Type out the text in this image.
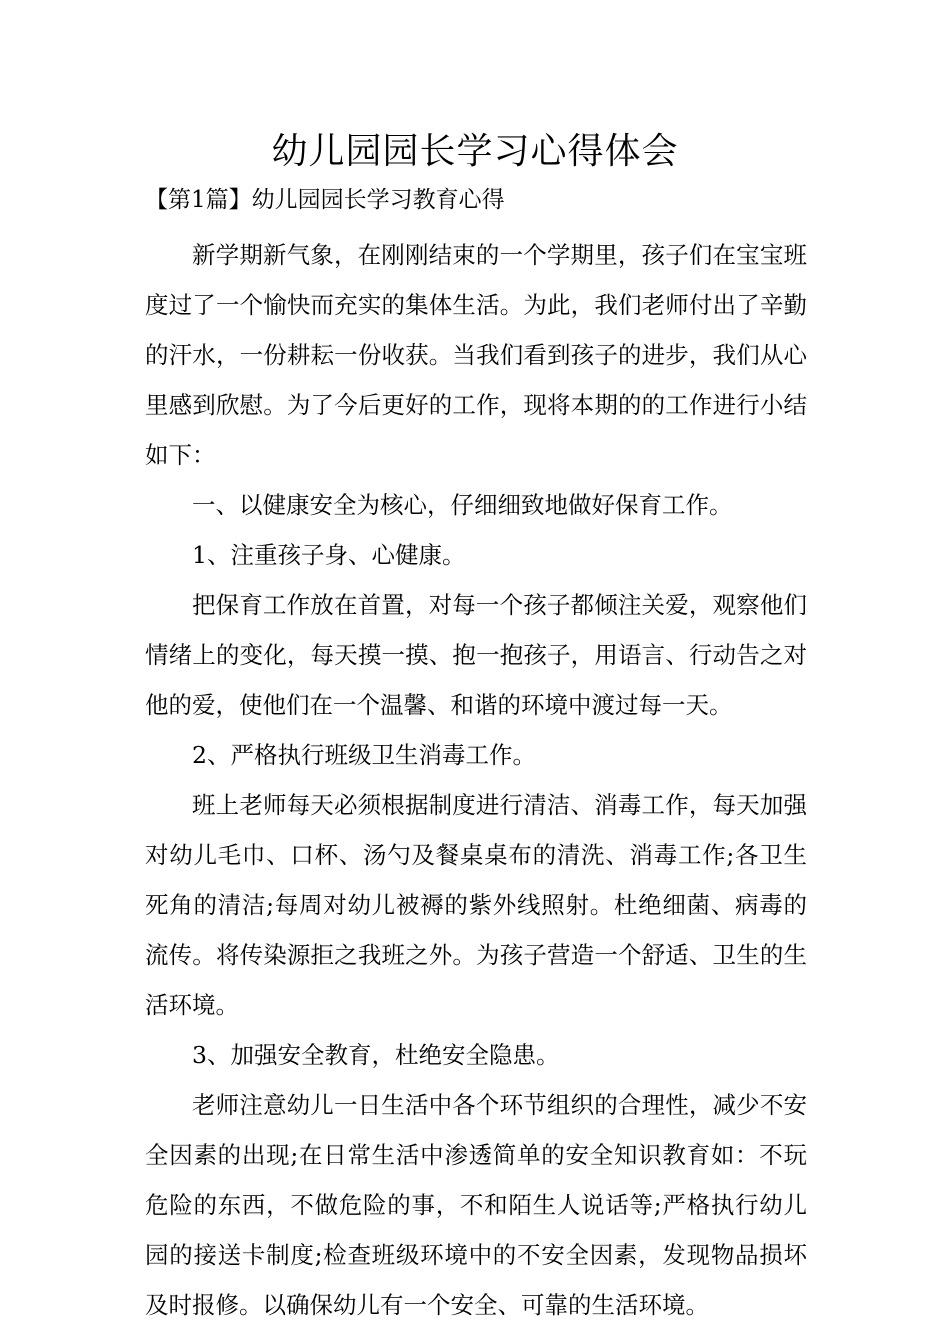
幼儿园园长学习心得体会
【第1篇】幼儿园园长学习教育心得

新学期新气象，在刚刚结束的一个学期里，孩子们在宝宝班度过了一个愉快而充实的集体生活。为此，我们老师付出了辛勤的汗水，一份耕耘一份收获。当我们看到孩子的进步，我们从心里感到欣慰。为了今后更好的工作，现将本期的的工作进行小结如下：

一、以健康安全为核心，仔细细致地做好保育工作。

1、注重孩子身、心健康。

把保育工作放在首置，对每一个孩子都倾注关爱，观察他们情绪上的变化，每天摸一摸、抱一抱孩子，用语言、行动告之对他的爱，使他们在一个温馨、和谐的环境中渡过每一天。

2、严格执行班级卫生消毒工作。

班上老师每天必须根据制度进行清洁、消毒工作，每天加强对幼儿毛巾、口杯、汤勺及餐桌桌布的清洗、消毒工作;各卫生死角的清洁;每周对幼儿被褥的紫外线照射。杜绝细菌、病毒的流传。将传染源拒之我班之外。为孩子营造一个舒适、卫生的生活环境。

3、加强安全教育，杜绝安全隐患。

老师注意幼儿一日生活中各个环节组织的合理性，减少不安全因素的出现;在日常生活中渗透简单的安全知识教育如：不玩危险的东西，不做危险的事，不和陌生人说话等;严格执行幼儿园的接送卡制度;检查班级环境中的不安全因素，发现物品损坏及时报修。以确保幼儿有一个安全、可靠的生活环境。
